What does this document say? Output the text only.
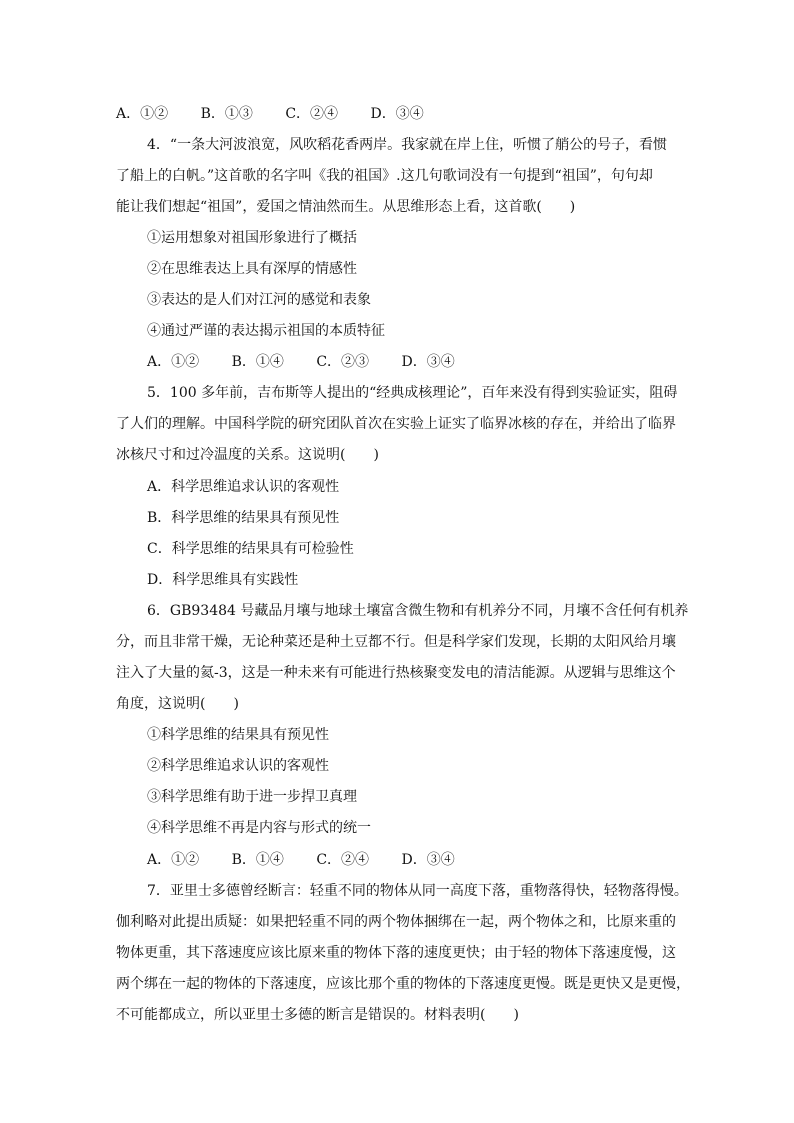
A．①② B．①③ C．②④ D．③④
4．“一条大河波浪宽，风吹稻花香两岸。我家就在岸上住，听惯了艄公的号子，看惯
了船上的白帆。”这首歌的名字叫《我的祖国》.这几句歌词没有一句提到“祖国”，句句却
能让我们想起“祖国”，爱国之情油然而生。从思维形态上看，这首歌(　　)
①运用想象对祖国形象进行了概括
②在思维表达上具有深厚的情感性
③表达的是人们对江河的感觉和表象
④通过严谨的表达揭示祖国的本质特征
A．①② B．①④ C．②③ D．③④
5．100 多年前，吉布斯等人提出的“经典成核理论”，百年来没有得到实验证实，阻碍
了人们的理解。中国科学院的研究团队首次在实验上证实了临界冰核的存在，并给出了临界
冰核尺寸和过冷温度的关系。这说明(　　)
A．科学思维追求认识的客观性
B．科学思维的结果具有预见性
C．科学思维的结果具有可检验性
D．科学思维具有实践性
6．GB93484 号藏品月壤与地球土壤富含微生物和有机养分不同，月壤不含任何有机养
分，而且非常干燥，无论种菜还是种土豆都不行。但是科学家们发现，长期的太阳风给月壤
注入了大量的氦-3，这是一种未来有可能进行热核聚变发电的清洁能源。从逻辑与思维这个
角度，这说明(　　)
①科学思维的结果具有预见性
②科学思维追求认识的客观性
③科学思维有助于进一步捍卫真理
④科学思维不再是内容与形式的统一
A．①② B．①④ C．②④ D．③④
7．亚里士多德曾经断言：轻重不同的物体从同一高度下落，重物落得快，轻物落得慢。
伽利略对此提出质疑：如果把轻重不同的两个物体捆绑在一起，两个物体之和，比原来重的
物体更重，其下落速度应该比原来重的物体下落的速度更快；由于轻的物体下落速度慢，这
两个绑在一起的物体的下落速度，应该比那个重的物体的下落速度更慢。既是更快又是更慢，
不可能都成立，所以亚里士多德的断言是错误的。材料表明(　　)
